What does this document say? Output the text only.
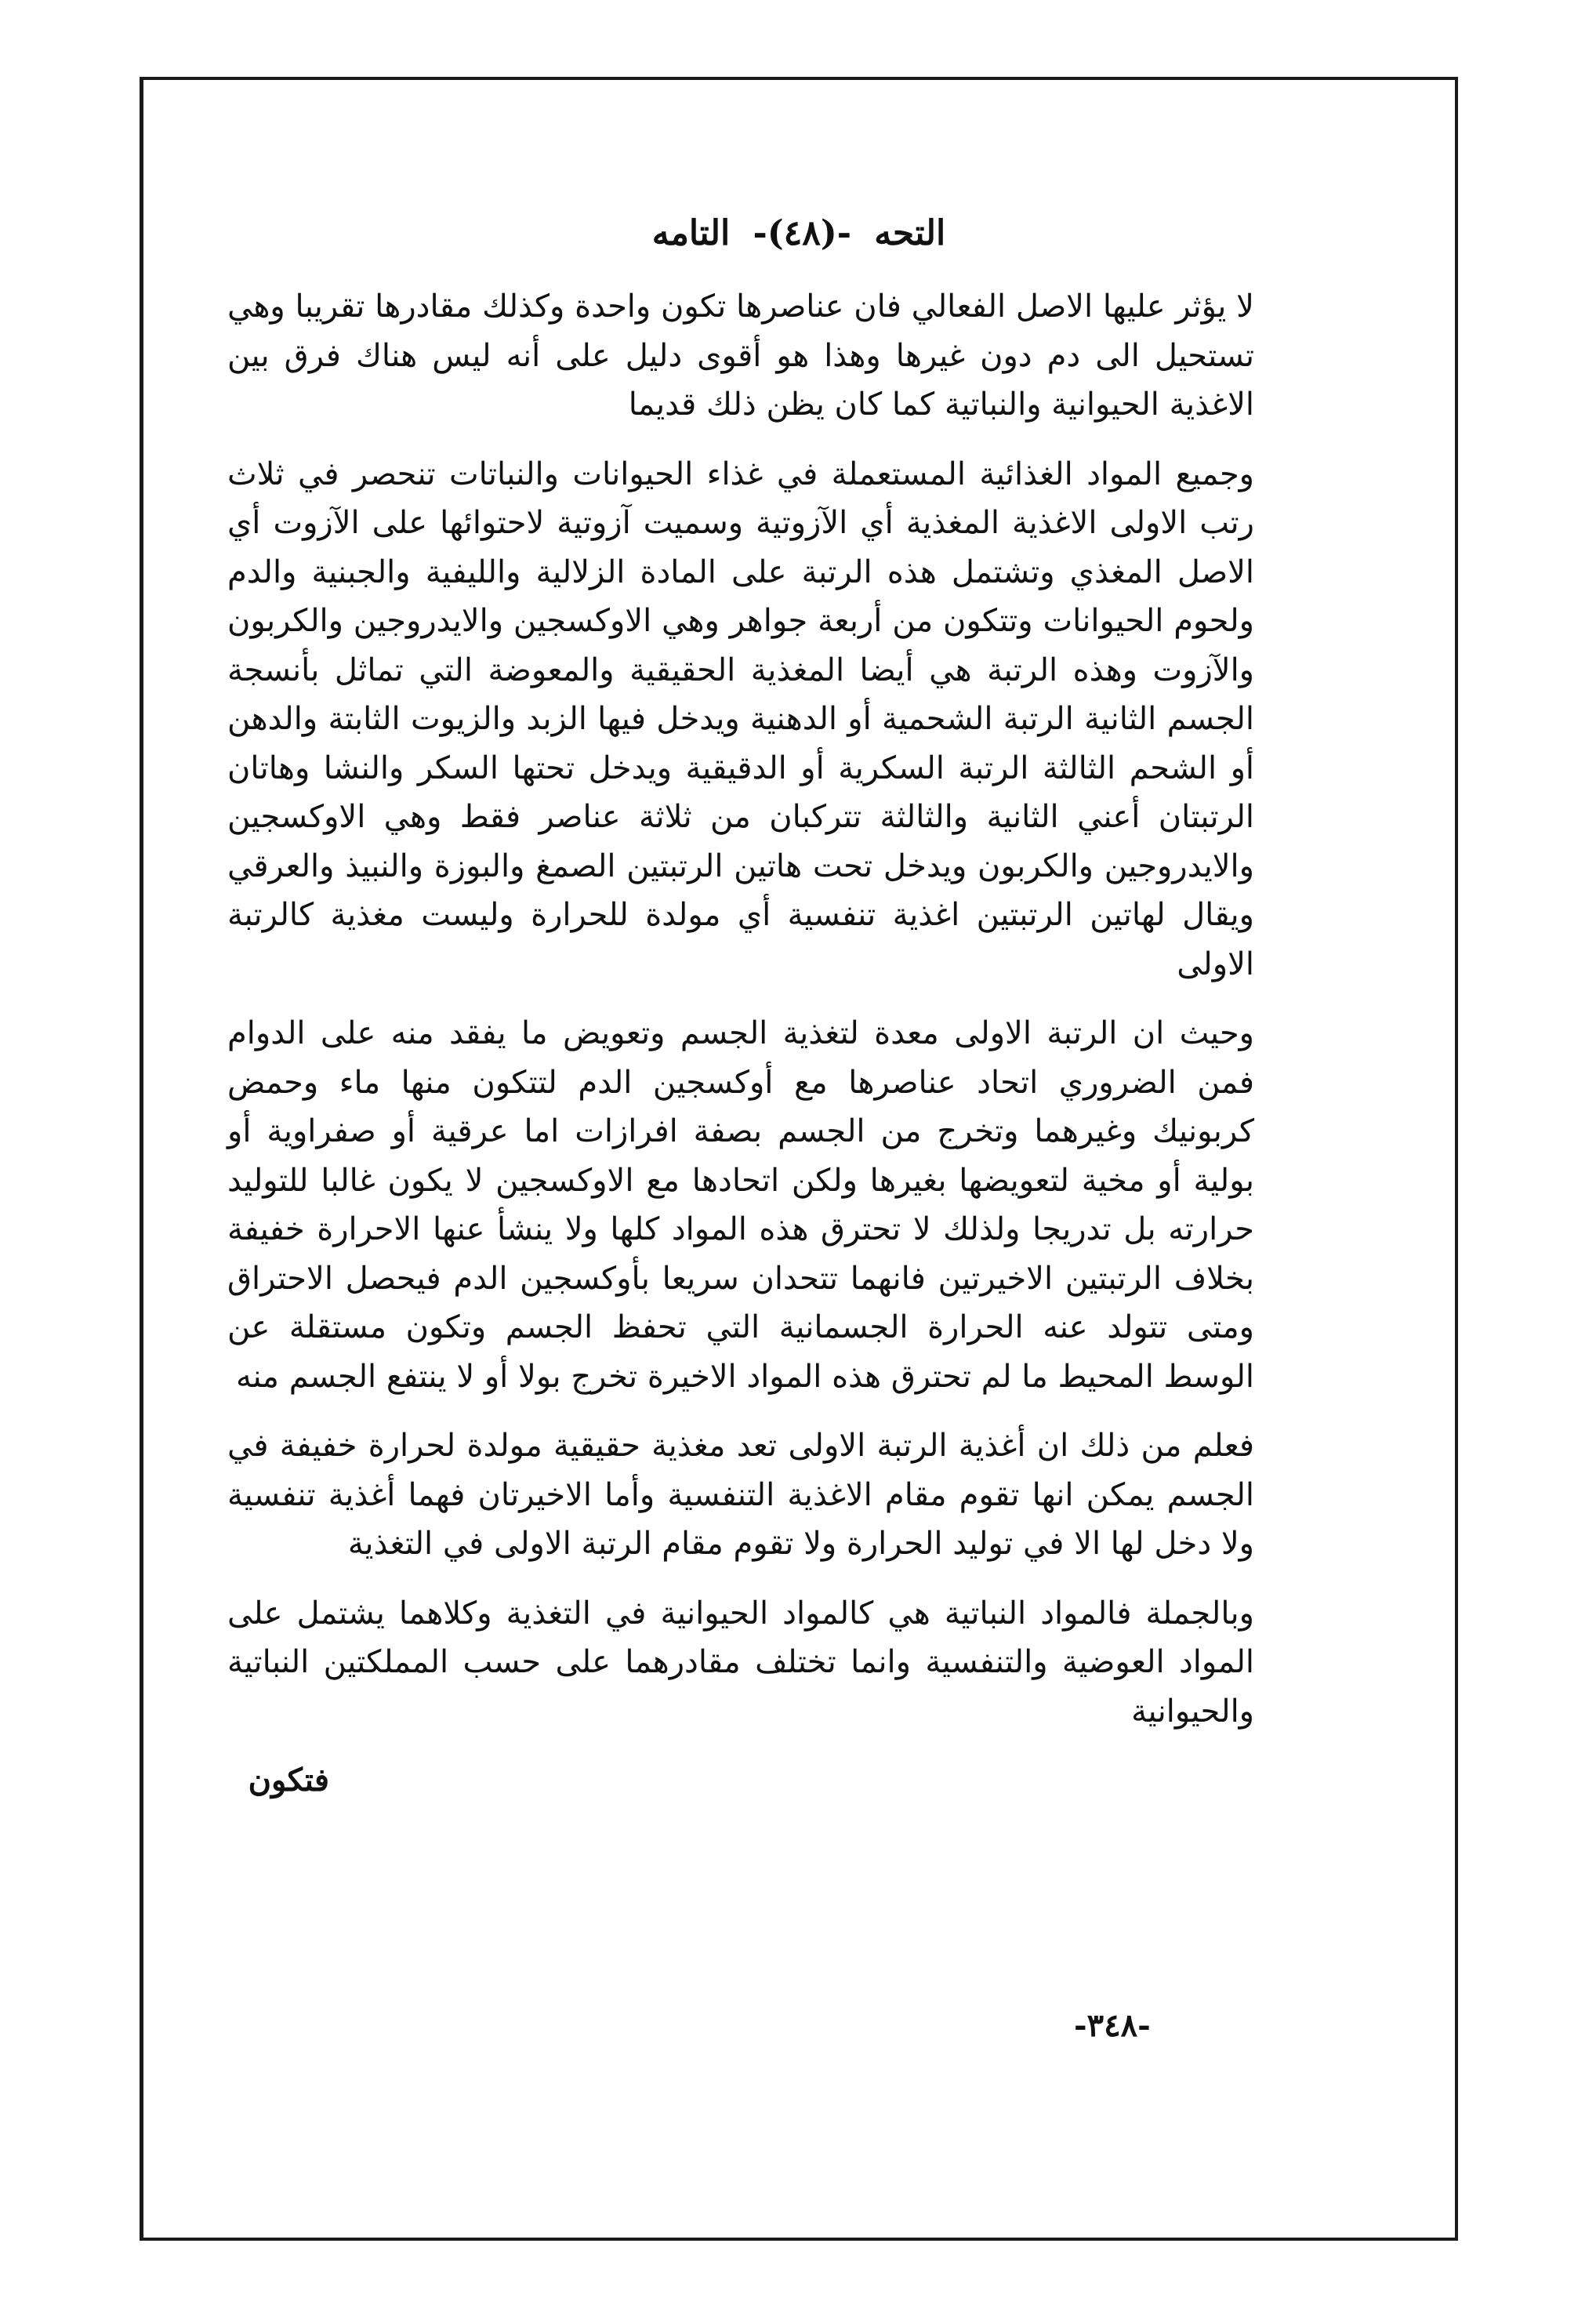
التحه -(٤٨)- التامه

لا يؤثر عليها الاصل الفعالي فان عناصرها تكون واحدة وكذلك مقادرها تقريبا وهي تستحيل الى دم دون غيرها وهذا هو أقوى دليل على أنه ليس هناك فرق بين الاغذية الحيوانية والنباتية كما كان يظن ذلك قديما

وجميع المواد الغذائية المستعملة في غذاء الحيوانات والنباتات تنحصر في ثلاث رتب الاولى الاغذية المغذية أي الآزوتية وسميت آزوتية لاحتوائها على الآزوت أي الاصل المغذي وتشتمل هذه الرتبة على المادة الزلالية والليفية والجبنية والدم ولحوم الحيوانات وتتكون من أربعة جواهر وهي الاوكسجين والايدروجين والكربون والآزوت وهذه الرتبة هي أيضا المغذية الحقيقية والمعوضة التي تماثل بأنسجة الجسم الثانية الرتبة الشحمية أو الدهنية ويدخل فيها الزبد والزيوت الثابتة والدهن أو الشحم الثالثة الرتبة السكرية أو الدقيقية ويدخل تحتها السكر والنشا وهاتان الرتبتان أعني الثانية والثالثة تتركبان من ثلاثة عناصر فقط وهي الاوكسجين والايدروجين والكربون ويدخل تحت هاتين الرتبتين الصمغ والبوزة والنبيذ والعرقي ويقال لهاتين الرتبتين اغذية تنفسية أي مولدة للحرارة وليست مغذية كالرتبة الاولى

وحيث ان الرتبة الاولى معدة لتغذية الجسم وتعويض ما يفقد منه على الدوام فمن الضروري اتحاد عناصرها مع أوكسجين الدم لتتكون منها ماء وحمض كربونيك وغيرهما وتخرج من الجسم بصفة افرازات اما عرقية أو صفراوية أو بولية أو مخية لتعويضها بغيرها ولكن اتحادها مع الاوكسجين لا يكون غالبا للتوليد حرارته بل تدريجا ولذلك لا تحترق هذه المواد كلها ولا ينشأ عنها الاحرارة خفيفة بخلاف الرتبتين الاخيرتين فانهما تتحدان سريعا بأوكسجين الدم فيحصل الاحتراق ومتى تتولد عنه الحرارة الجسمانية التي تحفظ الجسم وتكون مستقلة عن الوسط المحيط ما لم تحترق هذه المواد الاخيرة تخرج بولا أو لا ينتفع الجسم منه

فعلم من ذلك ان أغذية الرتبة الاولى تعد مغذية حقيقية مولدة لحرارة خفيفة في الجسم يمكن انها تقوم مقام الاغذية التنفسية وأما الاخيرتان فهما أغذية تنفسية ولا دخل لها الا في توليد الحرارة ولا تقوم مقام الرتبة الاولى في التغذية

وبالجملة فالمواد النباتية هي كالمواد الحيوانية في التغذية وكلاهما يشتمل على المواد العوضية والتنفسية وانما تختلف مقادرهما على حسب المملكتين النباتية والحيوانية

فتكون

-٣٤٨-
